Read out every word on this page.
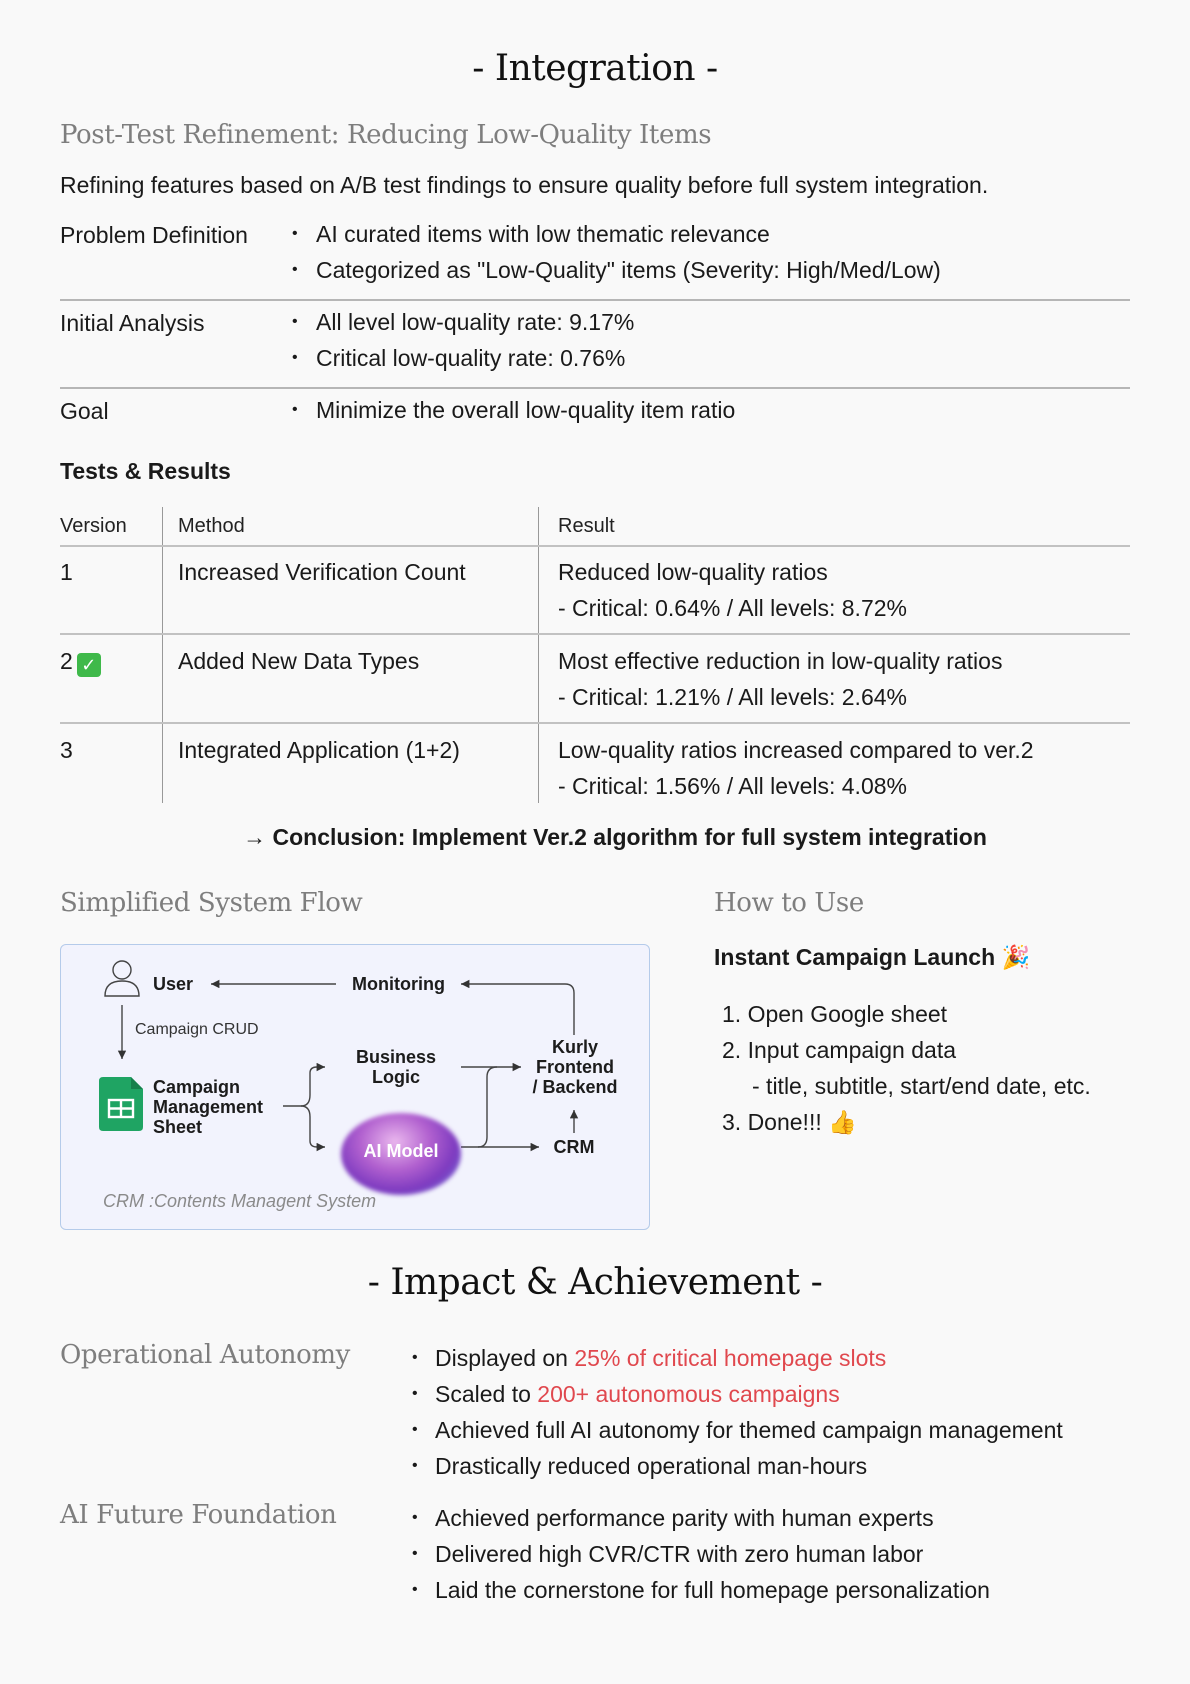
- Integration -
Post-Test Refinement: Reducing Low-Quality Items
Refining features based on A/B test findings to ensure quality before full system integration.
Problem Definition	• AI curated items with low thematic relevance
• Categorized as "Low-Quality" items (Severity: High/Med/Low)
Initial Analysis	• All level low-quality rate: 9.17%
• Critical low-quality rate: 0.76%
Goal	• Minimize the overall low-quality item ratio
Tests & Results
Version	Method	Result
1	Increased Verification Count	Reduced low-quality ratios
- Critical: 0.64% / All levels: 8.72%
2 ✓	Added New Data Types	Most effective reduction in low-quality ratios
- Critical: 1.21% / All levels: 2.64%
3	Integrated Application (1+2)	Low-quality ratios increased compared to ver.2
- Critical: 1.56% / All levels: 4.08%
→ Conclusion: Implement Ver.2 algorithm for full system integration
Simplified System Flow
User	Monitoring
Campaign CRUD
Campaign
Management
Sheet
Business
Logic
AI Model
Kurly
Frontend
/ Backend
CRM
CRM :Contents Managent System
How to Use
Instant Campaign Launch 🎉
1. Open Google sheet
2. Input campaign data
- title, subtitle, start/end date, etc.
3. Done!!! 👍
- Impact & Achievement -
Operational Autonomy	• Displayed on 25% of critical homepage slots
• Scaled to 200+ autonomous campaigns
• Achieved full AI autonomy for themed campaign management
• Drastically reduced operational man-hours
AI Future Foundation	• Achieved performance parity with human experts
• Delivered high CVR/CTR with zero human labor
• Laid the cornerstone for full homepage personalization
